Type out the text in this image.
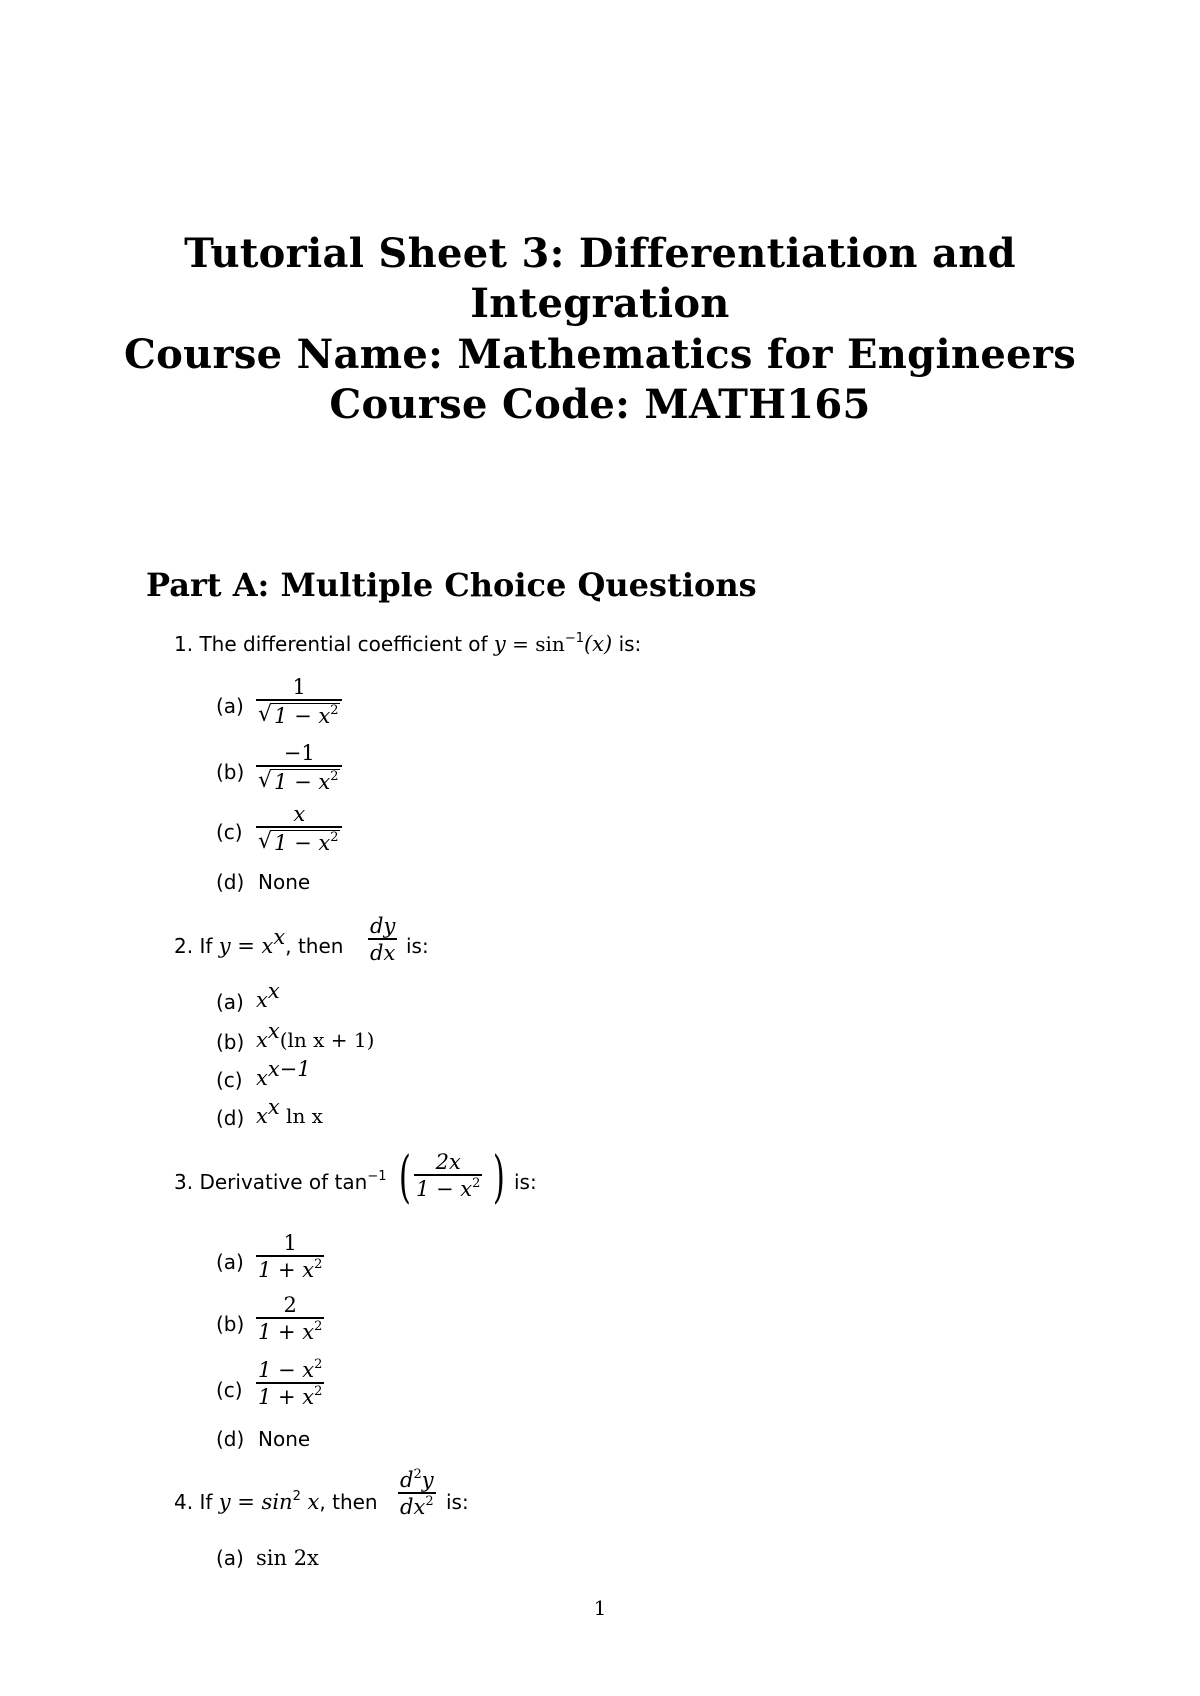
Tutorial Sheet 3: Differentiation and
Integration
Course Name: Mathematics for Engineers
Course Code: MATH165
Part A: Multiple Choice Questions
1. The differential coefficient of $y = \sin^{-1}(x)$ is:
(a)
1
√ $1 - x^2$
(b)
−1
√ $1 - x^2$
(c)
x
√ $1 - x^2$
(d) None
2. If $y = x^x$, then
dy
dx is:
(a) $x^x$
(b) $x^x(\ln$ x + 1)
(c) $x^{x-1}$
(d) $x^x$ ln x
3. Derivative of $\tan^{-1}$ ( 2x
$1 - x^2$ ) is:
(a)
1
$1 + x^2$
(b)
2
$1 + x^2$
(c)
$1 - x^2$
$1 + x^2$
(d) None
4. If $y = \sin^2 x$, then
$d^2y$
$dx^2$ is:
(a) sin 2x
1
